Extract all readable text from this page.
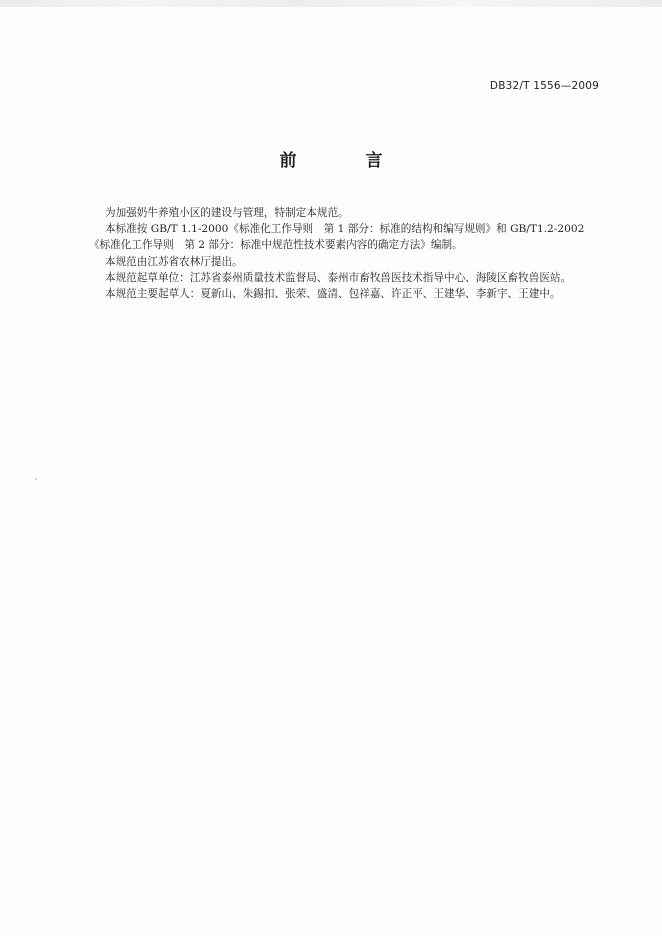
DB32/T 1556—2009
前　言

为加强奶牛养殖小区的建设与管理，特制定本规范。

本标准按 GB/T 1.1-2000《标准化工作导则　第 1 部分：标准的结构和编写规则》和 GB/T1.2-2002

《标准化工作导则　第 2 部分：标准中规范性技术要素内容的确定方法》编制。

本规范由江苏省农林厅提出。

本规范起草单位：江苏省泰州质量技术监督局、泰州市畜牧兽医技术指导中心、海陵区畜牧兽医站。

本规范主要起草人：夏新山、朱錫扣、张荣、盛清、包祥嘉、许正平、王建华、李新宇、王建中。
